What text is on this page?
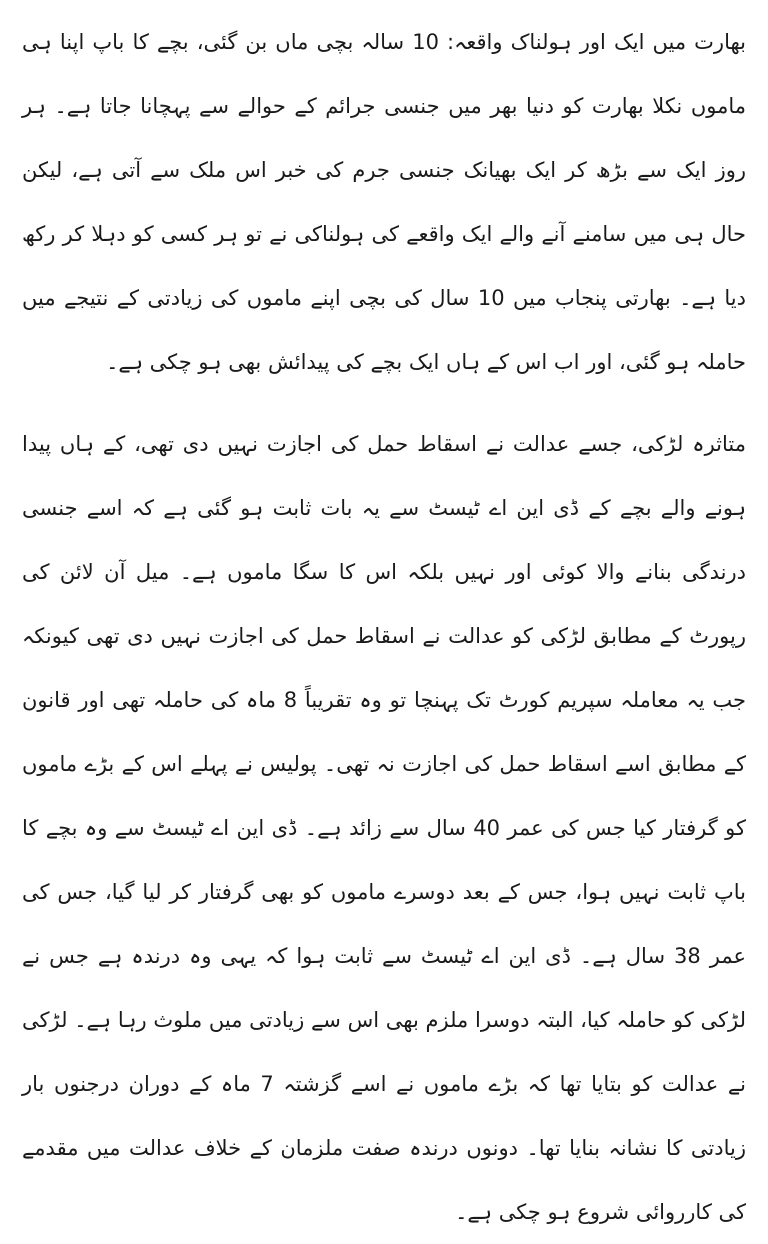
بھارت میں ایک اور ہولناک واقعہ: 10 سالہ بچی ماں بن گئی، بچے کا باپ اپنا ہی ماموں نکلا بھارت کو دنیا بھر میں جنسی جرائم کے حوالے سے پہچانا جاتا ہے۔ ہر روز ایک سے بڑھ کر ایک بھیانک جنسی جرم کی خبر اس ملک سے آتی ہے، لیکن حال ہی میں سامنے آنے والے ایک واقعے کی ہولناکی نے تو ہر کسی کو دہلا کر رکھ دیا ہے۔ بھارتی پنجاب میں 10 سال کی بچی اپنے ماموں کی زیادتی کے نتیجے میں حاملہ ہو گئی، اور اب اس کے ہاں ایک بچے کی پیدائش بھی ہو چکی ہے۔

متاثرہ لڑکی، جسے عدالت نے اسقاط حمل کی اجازت نہیں دی تھی، کے ہاں پیدا ہونے والے بچے کے ڈی این اے ٹیسٹ سے یہ بات ثابت ہو گئی ہے کہ اسے جنسی درندگی بنانے والا کوئی اور نہیں بلکہ اس کا سگا ماموں ہے۔ میل آن لائن کی رپورٹ کے مطابق لڑکی کو عدالت نے اسقاط حمل کی اجازت نہیں دی تھی کیونکہ جب یہ معاملہ سپریم کورٹ تک پہنچا تو وہ تقریباً 8 ماہ کی حاملہ تھی اور قانون کے مطابق اسے اسقاط حمل کی اجازت نہ تھی۔ پولیس نے پہلے اس کے بڑے ماموں کو گرفتار کیا جس کی عمر 40 سال سے زائد ہے۔ ڈی این اے ٹیسٹ سے وہ بچے کا باپ ثابت نہیں ہوا، جس کے بعد دوسرے ماموں کو بھی گرفتار کر لیا گیا، جس کی عمر 38 سال ہے۔ ڈی این اے ٹیسٹ سے ثابت ہوا کہ یہی وہ درندہ ہے جس نے لڑکی کو حاملہ کیا، البتہ دوسرا ملزم بھی اس سے زیادتی میں ملوث رہا ہے۔ لڑکی نے عدالت کو بتایا تھا کہ بڑے ماموں نے اسے گزشتہ 7 ماہ کے دوران درجنوں بار زیادتی کا نشانہ بنایا تھا۔ دونوں درندہ صفت ملزمان کے خلاف عدالت میں مقدمے کی کارروائی شروع ہو چکی ہے۔
